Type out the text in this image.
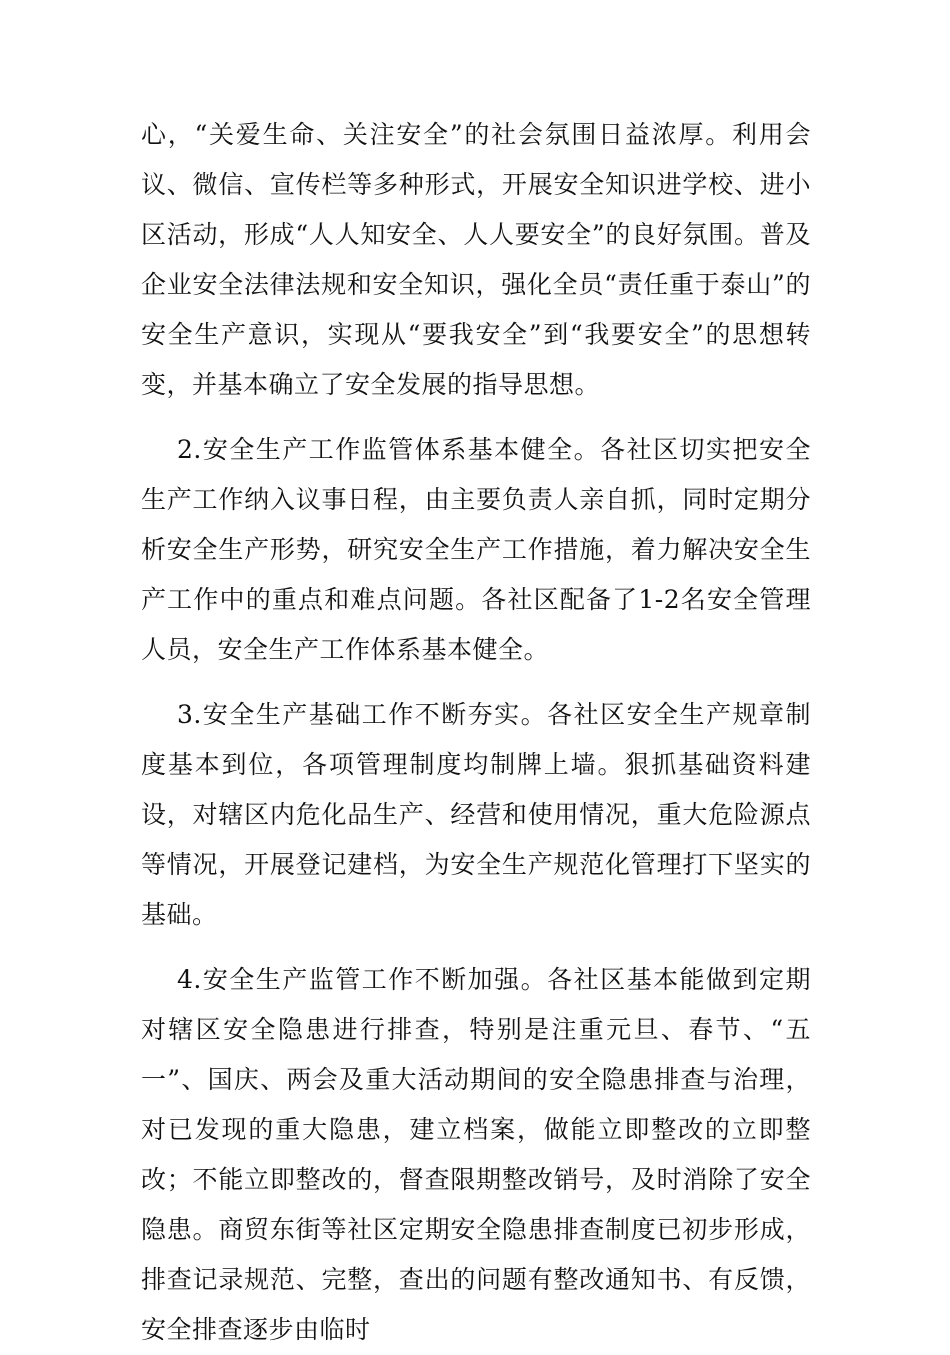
心，“关爱生命、关注安全”的社会氛围日益浓厚。利用会议、微信、宣传栏等多种形式，开展安全知识进学校、进小区活动，形成“人人知安全、人人要安全”的良好氛围。普及企业安全法律法规和安全知识，强化全员“责任重于泰山”的安全生产意识，实现从“要我安全”到“我要安全”的思想转变，并基本确立了安全发展的指导思想。

2.安全生产工作监管体系基本健全。各社区切实把安全生产工作纳入议事日程，由主要负责人亲自抓，同时定期分析安全生产形势，研究安全生产工作措施，着力解决安全生产工作中的重点和难点问题。各社区配备了1-2名安全管理人员，安全生产工作体系基本健全。

3.安全生产基础工作不断夯实。各社区安全生产规章制度基本到位，各项管理制度均制牌上墙。狠抓基础资料建设，对辖区内危化品生产、经营和使用情况，重大危险源点等情况，开展登记建档，为安全生产规范化管理打下坚实的基础。

4.安全生产监管工作不断加强。各社区基本能做到定期对辖区安全隐患进行排查，特别是注重元旦、春节、“五一”、国庆、两会及重大活动期间的安全隐患排查与治理，对已发现的重大隐患，建立档案，做能立即整改的立即整改；不能立即整改的，督查限期整改销号，及时消除了安全隐患。商贸东街等社区定期安全隐患排查制度已初步形成，排查记录规范、完整，查出的问题有整改通知书、有反馈，安全排查逐步由临时
